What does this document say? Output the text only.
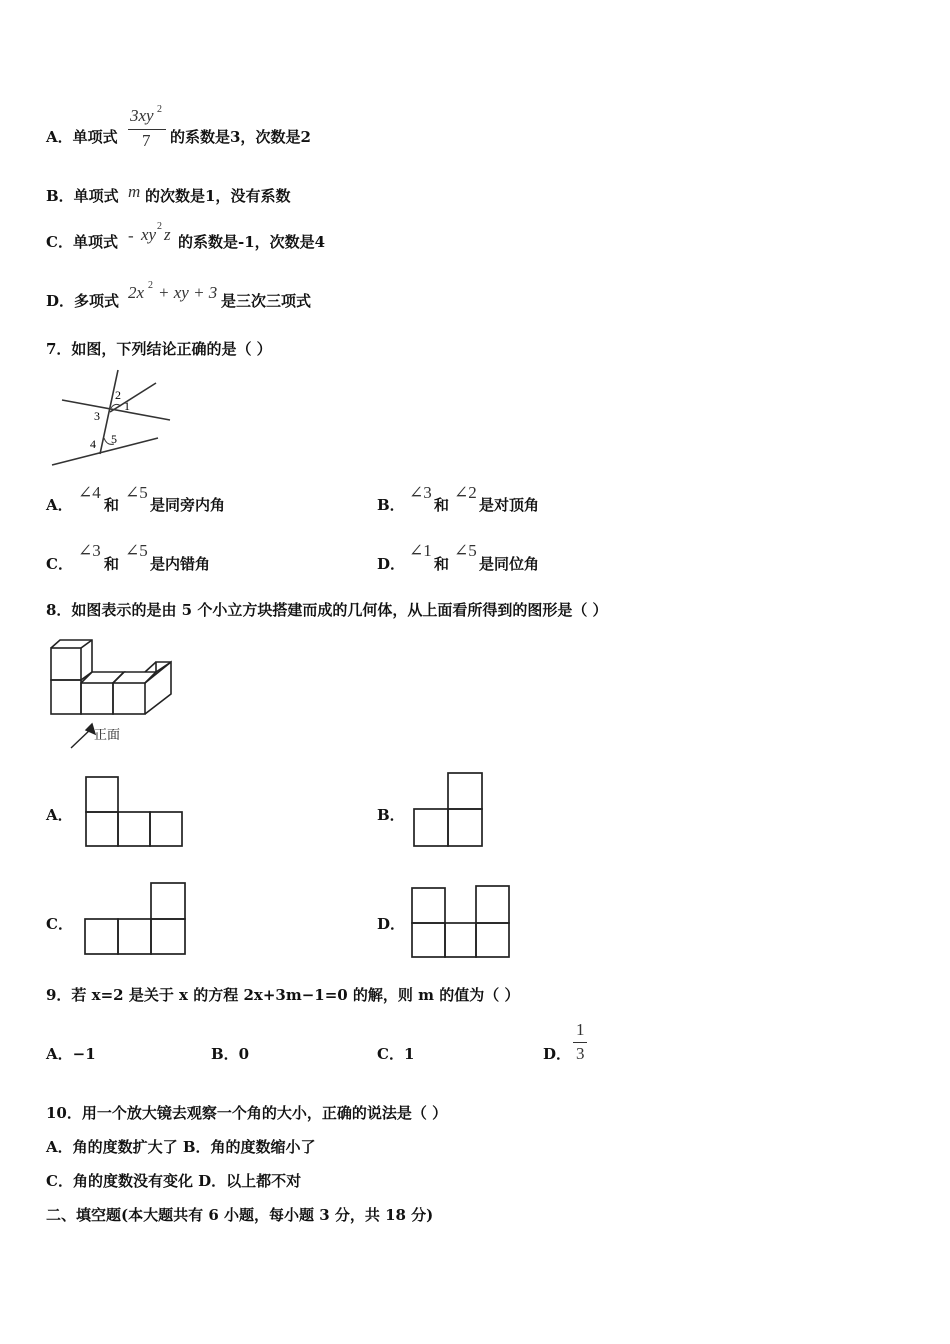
A．单项式
3xy 2
7 的系数是3，次数是2
B．单项式 m 的次数是1，没有系数
C．单项式 - xy 2 z 的系数是-1，次数是4
D．多项式 2x 2 + xy + 3 是三次三项式
7．如图，下列结论正确的是（ ）
2
1
3
4 5
A．
∠4
和
∠5
是同旁内角	B．
∠3
和
∠2
是对顶角
C．
∠3
和
∠5
是内错角	D．
∠1
和
∠5
是同位角
8．如图表示的是由 5 个小立方块搭建而成的几何体，从上面看所得到的图形是（ ）
正面
A．	B．
C．	D．
9．若 x=2 是关于 x 的方程 2x+3m−1=0 的解，则 m 的值为（ ）
A．−1	B．0	C．1	D．
1
3
10．用一个放大镜去观察一个角的大小，正确的说法是（ ）
A．角的度数扩大了 B．角的度数缩小了
C．角的度数没有变化 D．以上都不对
二、填空题(本大题共有 6 小题，每小题 3 分，共 18 分)
